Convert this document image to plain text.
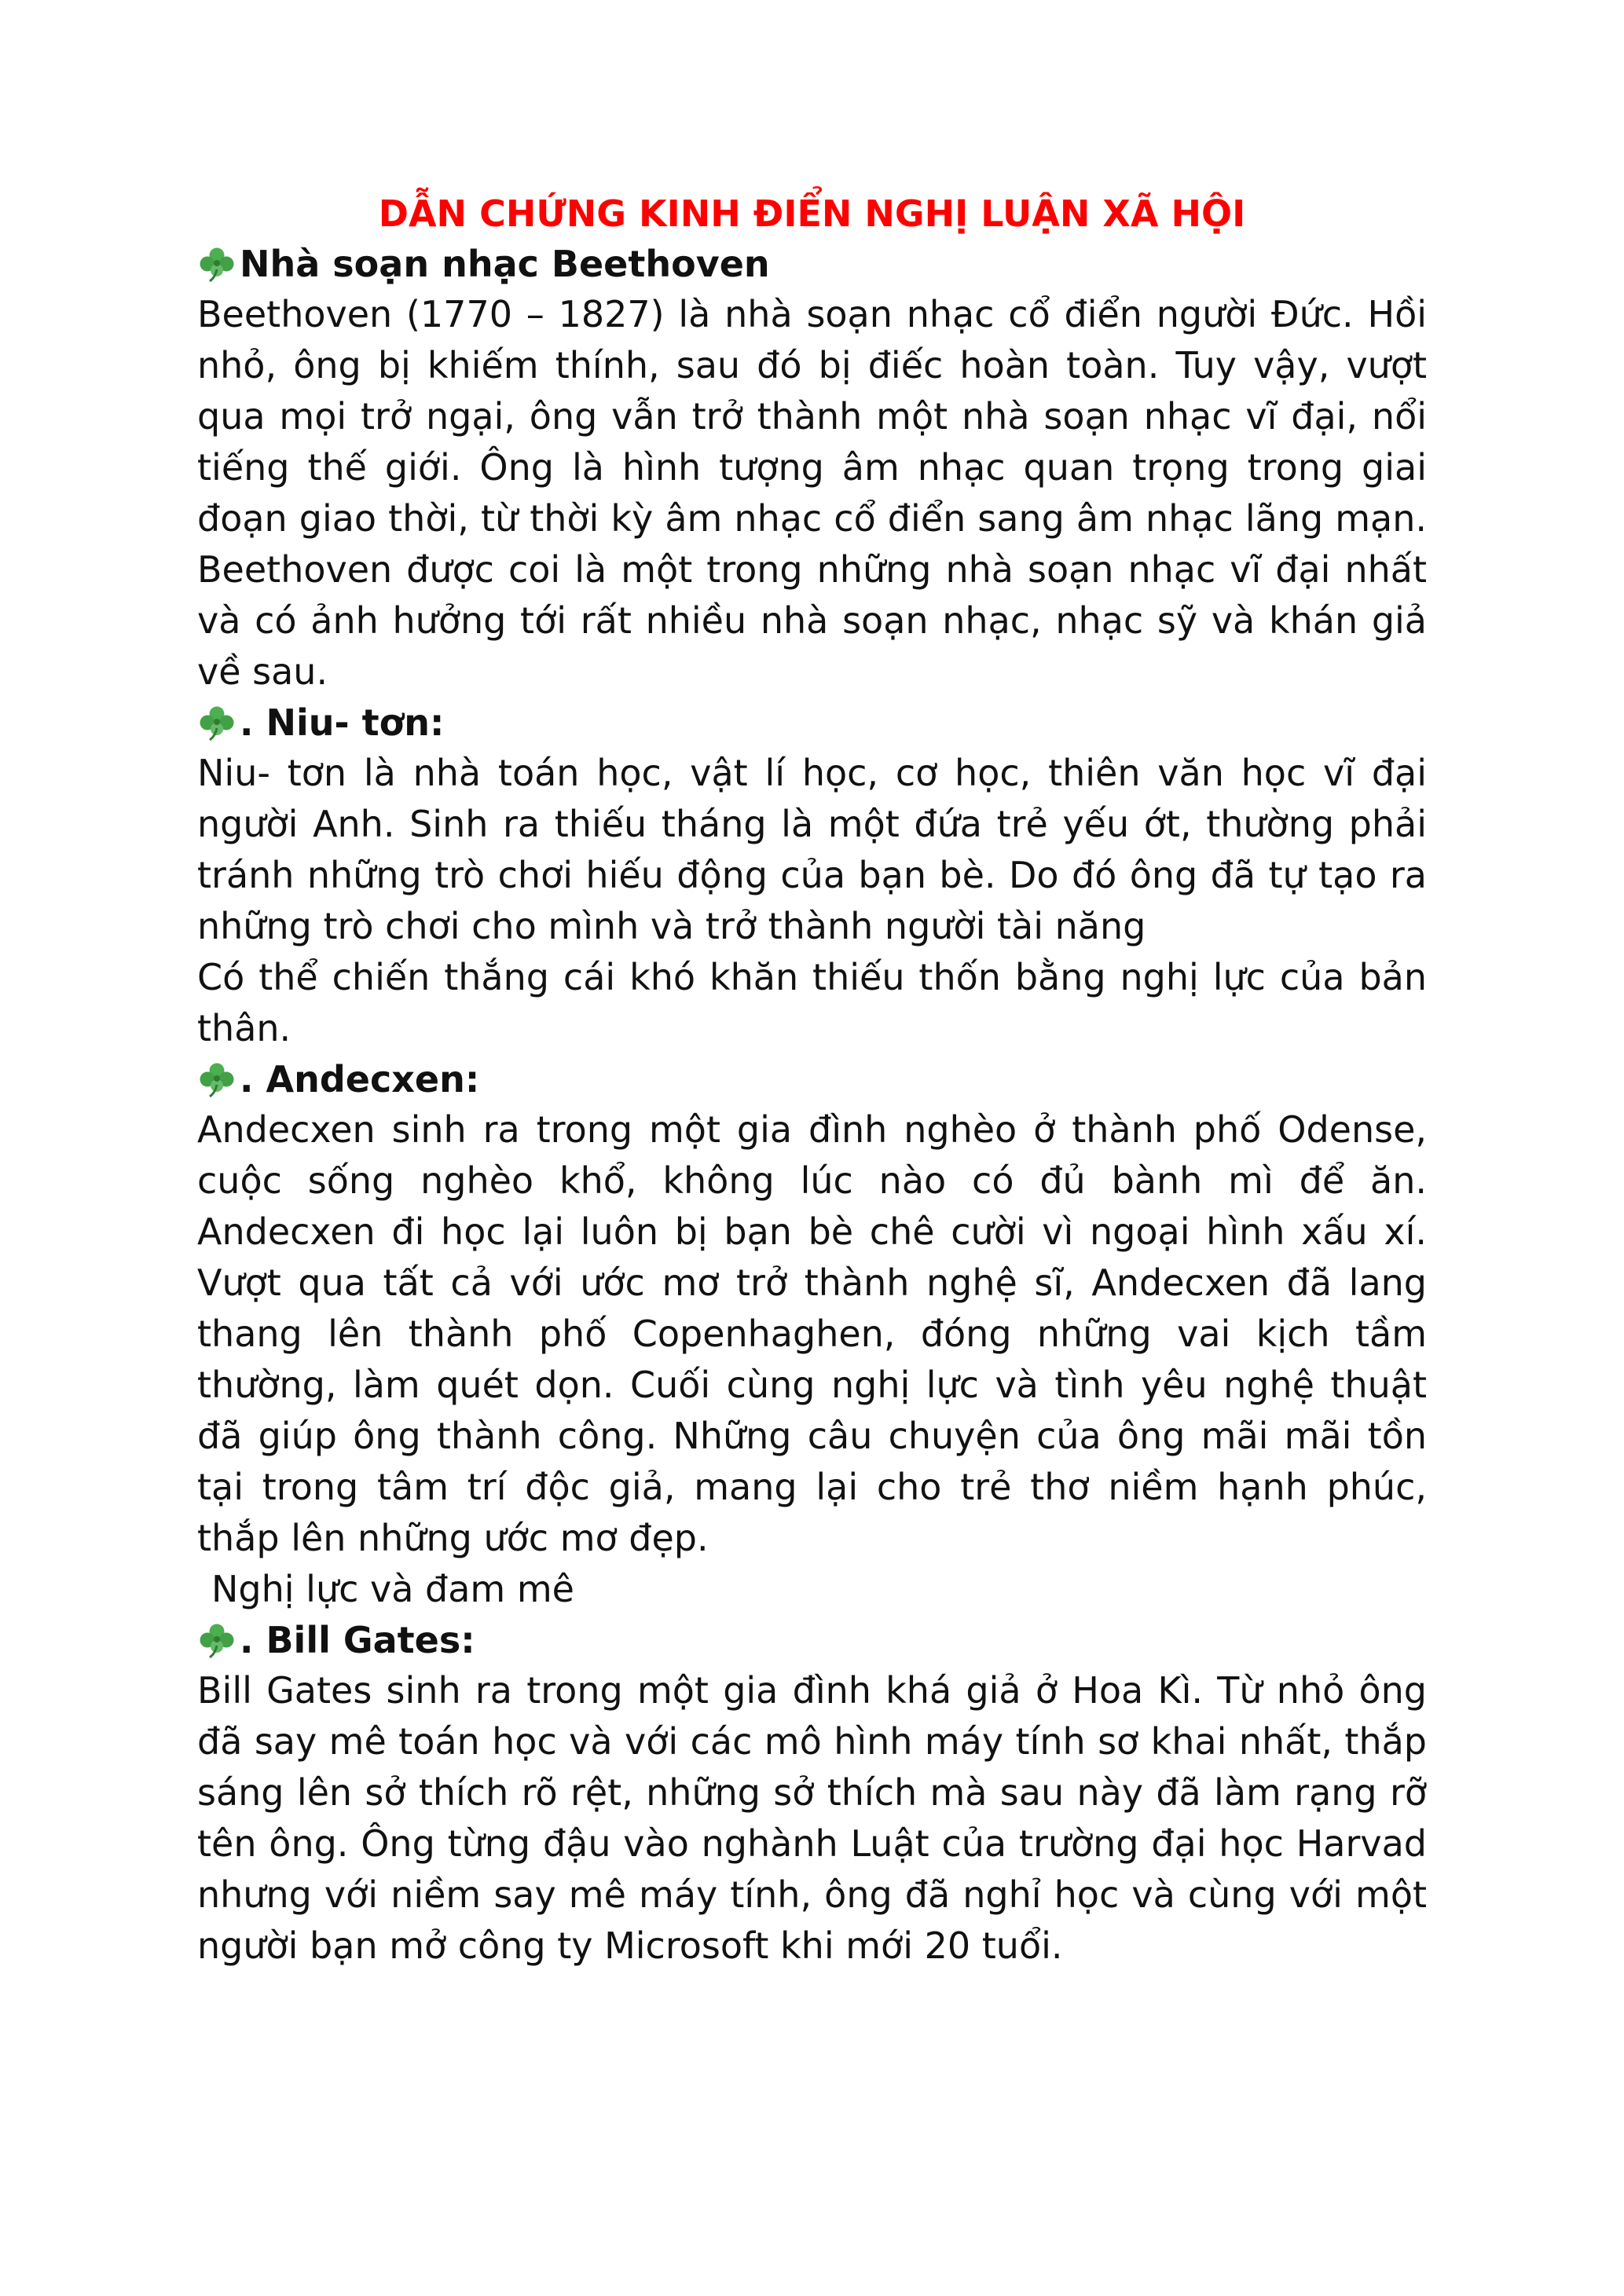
DẪN CHỨNG KINH ĐIỂN NGHỊ LUẬN XÃ HỘI
Nhà soạn nhạc Beethoven

Beethoven (1770 – 1827) là nhà soạn nhạc cổ điển người Đức. Hồi nhỏ, ông bị khiếm thính, sau đó bị điếc hoàn toàn. Tuy vậy, vượt qua mọi trở ngại, ông vẫn trở thành một nhà soạn nhạc vĩ đại, nổi tiếng thế giới. Ông là hình tượng âm nhạc quan trọng trong giai đoạn giao thời, từ thời kỳ âm nhạc cổ điển sang âm nhạc lãng mạn. Beethoven được coi là một trong những nhà soạn nhạc vĩ đại nhất và có ảnh hưởng tới rất nhiều nhà soạn nhạc, nhạc sỹ và khán giả về sau.

. Niu- tơn:

Niu- tơn là nhà toán học, vật lí học, cơ học, thiên văn học vĩ đại người Anh. Sinh ra thiếu tháng là một đứa trẻ yếu ớt, thường phải tránh những trò chơi hiếu động của bạn bè. Do đó ông đã tự tạo ra những trò chơi cho mình và trở thành người tài năng

Có thể chiến thắng cái khó khăn thiếu thốn bằng nghị lực của bản thân.

. Andecxen:

Andecxen sinh ra trong một gia đình nghèo ở thành phố Odense, cuộc sống nghèo khổ, không lúc nào có đủ bành mì để ăn. Andecxen đi học lại luôn bị bạn bè chê cười vì ngoại hình xấu xí. Vượt qua tất cả với ước mơ trở thành nghệ sĩ, Andecxen đã lang thang lên thành phố Copenhaghen, đóng những vai kịch tầm thường, làm quét dọn. Cuối cùng nghị lực và tình yêu nghệ thuật đã giúp ông thành công. Những câu chuyện của ông mãi mãi tồn tại trong tâm trí độc giả, mang lại cho trẻ thơ niềm hạnh phúc, thắp lên những ước mơ đẹp.

Nghị lực và đam mê

. Bill Gates:

Bill Gates sinh ra trong một gia đình khá giả ở Hoa Kì. Từ nhỏ ông đã say mê toán học và với các mô hình máy tính sơ khai nhất, thắp sáng lên sở thích rõ rệt, những sở thích mà sau này đã làm rạng rỡ tên ông. Ông từng đậu vào nghành Luật của trường đại học Harvad nhưng với niềm say mê máy tính, ông đã nghỉ học và cùng với một người bạn mở công ty Microsoft khi mới 20 tuổi.
